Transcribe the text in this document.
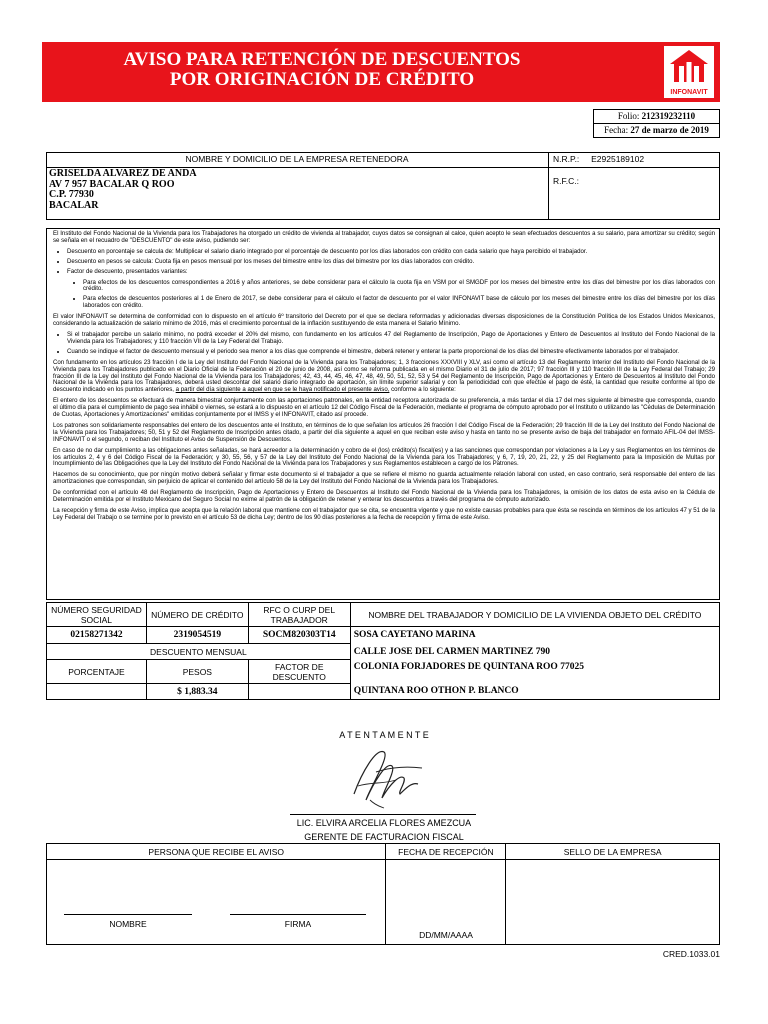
AVISO PARA RETENCIÓN DE DESCUENTOS
POR ORIGINACIÓN DE CRÉDITO
INFONAVIT
Folio: 212319232110
Fecha: 27 de marzo de 2019
NOMBRE Y DOMICILIO DE LA EMPRESA RETENEDORA	N.R.P.: E2925189102
R.F.C.:
GRISELDA ALVAREZ DE ANDA
AV 7 957 BACALAR Q ROO
C.P. 77930
BACALAR

El Instituto del Fondo Nacional de la Vivienda para los Trabajadores ha otorgado un crédito de vivienda al trabajador, cuyos datos se consignan al calce, quien acepto le sean efectuados descuentos a su salario, para amortizar su crédito; según se señala en el recuadro de "DESCUENTO" de este aviso, pudiendo ser:

• Descuento en porcentaje se calcula de: Multiplicar el salario diario integrado por el porcentaje de descuento por los días laborados con crédito con cada salario que haya percibido el trabajador.
• Descuento en pesos se calcula: Cuota fija en pesos mensual por los meses del bimestre entre los días del bimestre por los días laborados con crédito.
• Factor de descuento, presentados variantes:
• Para efectos de los descuentos correspondientes a 2016 y años anteriores, se debe considerar para el cálculo la cuota fija en VSM por el SMGDF por los meses del bimestre entre los días del bimestre por los días laborados con crédito.
• Para efectos de descuentos posteriores al 1 de Enero de 2017, se debe considerar para el cálculo el factor de descuento por el valor INFONAVIT base de cálculo por los meses del bimestre entre los días del bimestre por los días laborados con crédito.

El valor INFONAVIT se determina de conformidad con lo dispuesto en el artículo 6º transitorio del Decreto por el que se declara reformadas y adicionadas diversas disposiciones de la Constitución Política de los Estados Unidos Mexicanos, considerando la actualización de salario mínimo de 2016, más el crecimiento porcentual de la inflación sustituyendo de esta manera el Salario Mínimo.

• Si el trabajador percibe un salario mínimo, no podrá exceder el 20% del mismo, con fundamento en los artículos 47 del Reglamento de Inscripción, Pago de Aportaciones y Entero de Descuentos al Instituto del Fondo Nacional de la Vivienda para los Trabajadores; y 110 fracción VII de la Ley Federal del Trabajo.
• Cuando se indique el factor de descuento mensual y el periodo sea menor a los días que comprende el bimestre, deberá retener y enterar la parte proporcional de los días del bimestre efectivamente laborados por el trabajador.

Con fundamento en los artículos 23 fracción I de la Ley del Instituto del Fondo Nacional de la Vivienda para los Trabajadores; 1, 3 fracciones XXXVIII y XLV, así como el artículo 13 del Reglamento Interior del Instituto del Fondo Nacional de la Vivienda para los Trabajadores publicado en el Diario Oficial de la Federación el 20 de junio de 2008, así como se reforma publicada en el mismo Diario el 31 de julio de 2017; 97 fracción III y 110 fracción III de la Ley Federal del Trabajo; 29 fracción III de la Ley del Instituto del Fondo Nacional de la Vivienda para los Trabajadores; 42, 43, 44, 45, 46, 47, 48, 49, 50, 51, 52, 53 y 54 del Reglamento de Inscripción, Pago de Aportaciones y Entero de Descuentos al Instituto del Fondo Nacional de la Vivienda para los Trabajadores, deberá usted descontar del salario diario integrado de aportación, sin límite superior salarial y con la periodicidad con que efectúe el pago de éste, la cantidad que resulte conforme al tipo de descuento indicado en los puntos anteriores, a partir del día siguiente a aquel en que se le haya notificado el presente aviso, conforme a lo siguiente:

El entero de los descuentos se efectuará de manera bimestral conjuntamente con las aportaciones patronales, en la entidad receptora autorizada de su preferencia, a más tardar el día 17 del mes siguiente al bimestre que corresponda, cuando el último día para el cumplimiento de pago sea inhábil o viernes, se estará a lo dispuesto en el artículo 12 del Código Fiscal de la Federación, mediante el programa de cómputo aprobado por el Instituto o utilizando las "Cédulas de Determinación de Cuotas, Aportaciones y Amortizaciones" emitidas conjuntamente por el IMSS y el INFONAVIT, citado así procede.

Los patrones son solidariamente responsables del entero de los descuentos ante el Instituto, en términos de lo que señalan los artículos 26 fracción I del Código Fiscal de la Federación; 29 fracción III de la Ley del Instituto del Fondo Nacional de la Vivienda para los Trabajadores; 50, 51 y 52 del Reglamento de Inscripción antes citado, a partir del día siguiente a aquel en que reciban este aviso y hasta en tanto no se presente aviso de baja del trabajador en formato AFIL-04 del IMSS-INFONAVIT o el segundo, o reciban del Instituto el Aviso de Suspensión de Descuentos.

En caso de no dar cumplimiento a las obligaciones antes señaladas, se hará acreedor a la determinación y cobro de el (los) crédito(s) fiscal(es) y a las sanciones que correspondan por violaciones a la Ley y sus Reglamentos en los términos de los artículos 2, 4 y 6 del Código Fiscal de la Federación; y 30, 55, 56, y 57 de la Ley del Instituto del Fondo Nacional de la Vivienda para los Trabajadores; y 6, 7, 19, 20, 21, 22, y 25 del Reglamento para la Imposición de Multas por Incumplimiento de las Obligaciones que la Ley del Instituto del Fondo Nacional de la Vivienda para los Trabajadores y sus Reglamentos establecen a cargo de los Patrones.

Hacemos de su conocimiento, que por ningún motivo deberá señalar y firmar este documento si el trabajador a que se refiere el mismo no guarda actualmente relación laboral con usted, en caso contrario, será responsable del entero de las amortizaciones que correspondan, sin perjuicio de aplicar el contenido del artículo 58 de la Ley del Instituto del Fondo Nacional de la Vivienda para los Trabajadores.

De conformidad con el artículo 48 del Reglamento de Inscripción, Pago de Aportaciones y Entero de Descuentos al Instituto del Fondo Nacional de la Vivienda para los Trabajadores, la omisión de los datos de esta aviso en la Cédula de Determinación emitida por el Instituto Mexicano del Seguro Social no exime al patrón de la obligación de retener y enterar los descuentos a través del programa de cómputo autorizado.

La recepción y firma de este Aviso, implica que acepta que la relación laboral que mantiene con el trabajador que se cita, se encuentra vigente y que no existe causas probables para que ésta se rescinda en términos de los artículos 47 y 51 de la Ley Federal del Trabajo o se termine por lo previsto en el artículo 53 de dicha Ley; dentro de los 90 días posteriores a la fecha de recepción y firma de este Aviso.

NÚMERO SEGURIDAD SOCIAL	NÚMERO DE CRÉDITO	RFC O CURP DEL TRABAJADOR	NOMBRE DEL TRABAJADOR Y DOMICILIO DE LA VIVIENDA OBJETO DEL CRÉDITO
02158271342	2319054519	SOCM820303T14	SOSA CAYETANO MARINA
DESCUENTO MENSUAL			CALLE JOSE DEL CARMEN MARTINEZ 790
PORCENTAJE	PESOS	FACTOR DE DESCUENTO	COLONIA FORJADORES DE QUINTANA ROO 77025
	$ 1,883.34		QUINTANA ROO OTHON P. BLANCO
A T E N T A M E N T E
LIC. ELVIRA ARCELIA FLORES AMEZCUA
GERENTE DE FACTURACION FISCAL
PERSONA QUE RECIBE EL AVISO	FECHA DE RECEPCIÓN	SELLO DE LA EMPRESA

NOMBRE	FIRMA
DD/MM/AAAA
CRED.1033.01
